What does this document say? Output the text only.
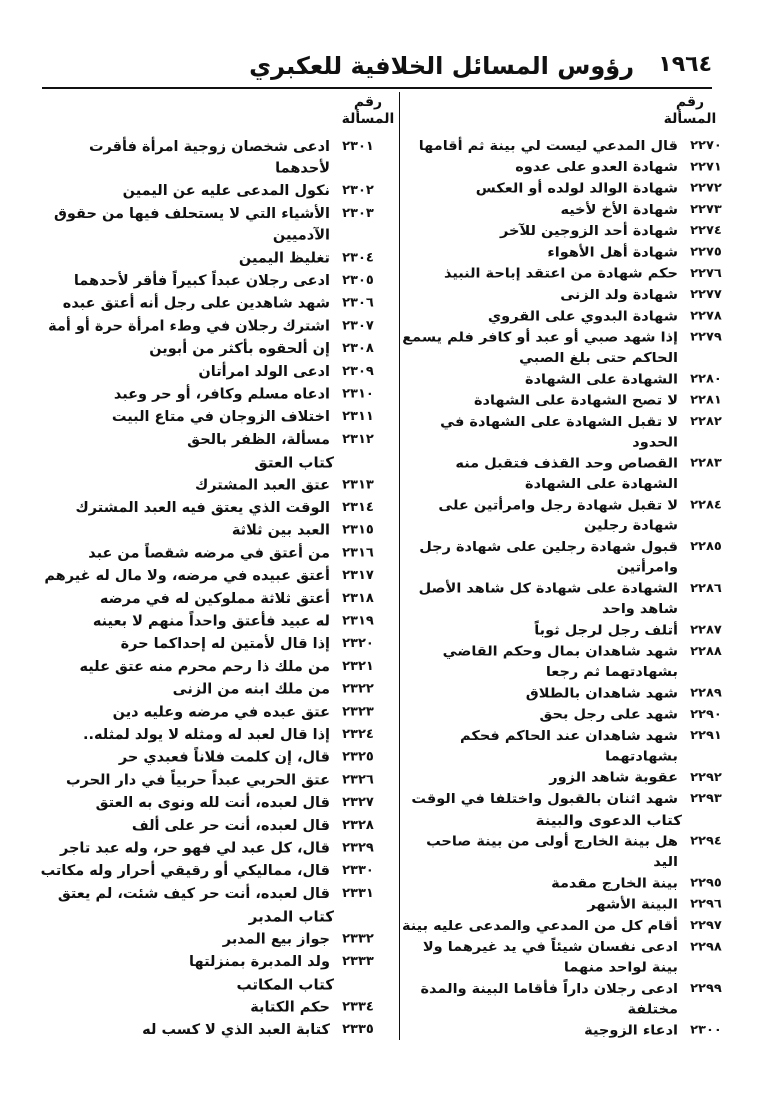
١٩٦٤
رؤوس المسائل الخلافية للعكبري
رقم المسألة
رقم المسألة
٢٢٧٠
قال المدعي ليست لي بينة ثم أقامها
٢٢٧١
شهادة العدو على عدوه
٢٢٧٢
شهادة الوالد لولده أو العكس
٢٢٧٣
شهادة الأخ لأخيه
٢٢٧٤
شهادة أحد الزوجين للآخر
٢٢٧٥
شهادة أهل الأهواء
٢٢٧٦
حكم شهادة من اعتقد إباحة النبيذ
٢٢٧٧
شهادة ولد الزنى
٢٢٧٨
شهادة البدوي على القروي
٢٢٧٩
إذا شهد صبي أو عبد أو كافر فلم يسمع الحاكم حتى بلغ الصبي
٢٢٨٠
الشهادة على الشهادة
٢٢٨١
لا تصح الشهادة على الشهادة
٢٢٨٢
لا تقبل الشهادة على الشهادة في الحدود
٢٢٨٣
القصاص وحد القذف فتقبل منه الشهادة على الشهادة
٢٢٨٤
لا تقبل شهادة رجل وامرأتين على شهادة رجلين
٢٢٨٥
قبول شهادة رجلين على شهادة رجل وامرأتين
٢٢٨٦
الشهادة على شهادة كل شاهد الأصل شاهد واحد
٢٢٨٧
أتلف رجل لرجل ثوباً
٢٢٨٨
شهد شاهدان بمال وحكم القاضي بشهادتهما ثم رجعا
٢٢٨٩
شهد شاهدان بالطلاق
٢٢٩٠
شهد على رجل بحق
٢٢٩١
شهد شاهدان عند الحاكم فحكم بشهادتهما
٢٢٩٢
عقوبة شاهد الزور
٢٢٩٣
شهد اثنان بالقبول واختلفا في الوقت
كتاب الدعوى والبينة
٢٢٩٤
هل بينة الخارج أولى من بينة صاحب اليد
٢٢٩٥
بينة الخارج مقدمة
٢٢٩٦
البينة الأشهر
٢٢٩٧
أقام كل من المدعي والمدعى عليه بينة
٢٢٩٨
ادعى نفسان شيئاً في يد غيرهما ولا بينة لواحد منهما
٢٢٩٩
ادعى رجلان داراً فأقاما البينة والمدة مختلفة
٢٣٠٠
ادعاء الزوجية
٢٣٠١
ادعى شخصان زوجية امرأة فأقرت لأحدهما
٢٣٠٢
نكول المدعى عليه عن اليمين
٢٣٠٣
الأشياء التي لا يستحلف فيها من حقوق الآدميين
٢٣٠٤
تغليظ اليمين
٢٣٠٥
ادعى رجلان عبداً كبيراً فأقر لأحدهما
٢٣٠٦
شهد شاهدين على رجل أنه أعتق عبده
٢٣٠٧
اشترك رجلان في وطء امرأة حرة أو أمة
٢٣٠٨
إن ألحقوه بأكثر من أبوين
٢٣٠٩
ادعى الولد امرأتان
٢٣١٠
ادعاه مسلم وكافر، أو حر وعبد
٢٣١١
اختلاف الزوجان في متاع البيت
٢٣١٢
مسألة، الظفر بالحق
كتاب العتق
٢٣١٣
عتق العبد المشترك
٢٣١٤
الوقت الذي يعتق فيه العبد المشترك
٢٣١٥
العبد بين ثلاثة
٢٣١٦
من أعتق في مرضه شقصاً من عبد
٢٣١٧
أعتق عبيده في مرضه، ولا مال له غيرهم
٢٣١٨
أعتق ثلاثة مملوكين له في مرضه
٢٣١٩
له عبيد فأعتق واحداً منهم لا بعينه
٢٣٢٠
إذا قال لأمتين له إحداكما حرة
٢٣٢١
من ملك ذا رحم محرم منه عتق عليه
٢٣٢٢
من ملك ابنه من الزنى
٢٣٢٣
عتق عبده في مرضه وعليه دين
٢٣٢٤
إذا قال لعبد له ومثله لا يولد لمثله..
٢٣٢٥
قال، إن كلمت فلاناً فعبدي حر
٢٣٢٦
عتق الحربي عبداً حربياً في دار الحرب
٢٣٢٧
قال لعبده، أنت لله ونوى به العتق
٢٣٢٨
قال لعبده، أنت حر على ألف
٢٣٢٩
قال، كل عبد لي فهو حر، وله عبد تاجر
٢٣٣٠
قال، مماليكي أو رقيقي أحرار وله مكاتب
٢٣٣١
قال لعبده، أنت حر كيف شئت، لم يعتق
كتاب المدبر
٢٣٣٢
جواز بيع المدبر
٢٣٣٣
ولد المدبرة بمنزلتها
كتاب المكاتب
٢٣٣٤
حكم الكتابة
٢٣٣٥
كتابة العبد الذي لا كسب له
